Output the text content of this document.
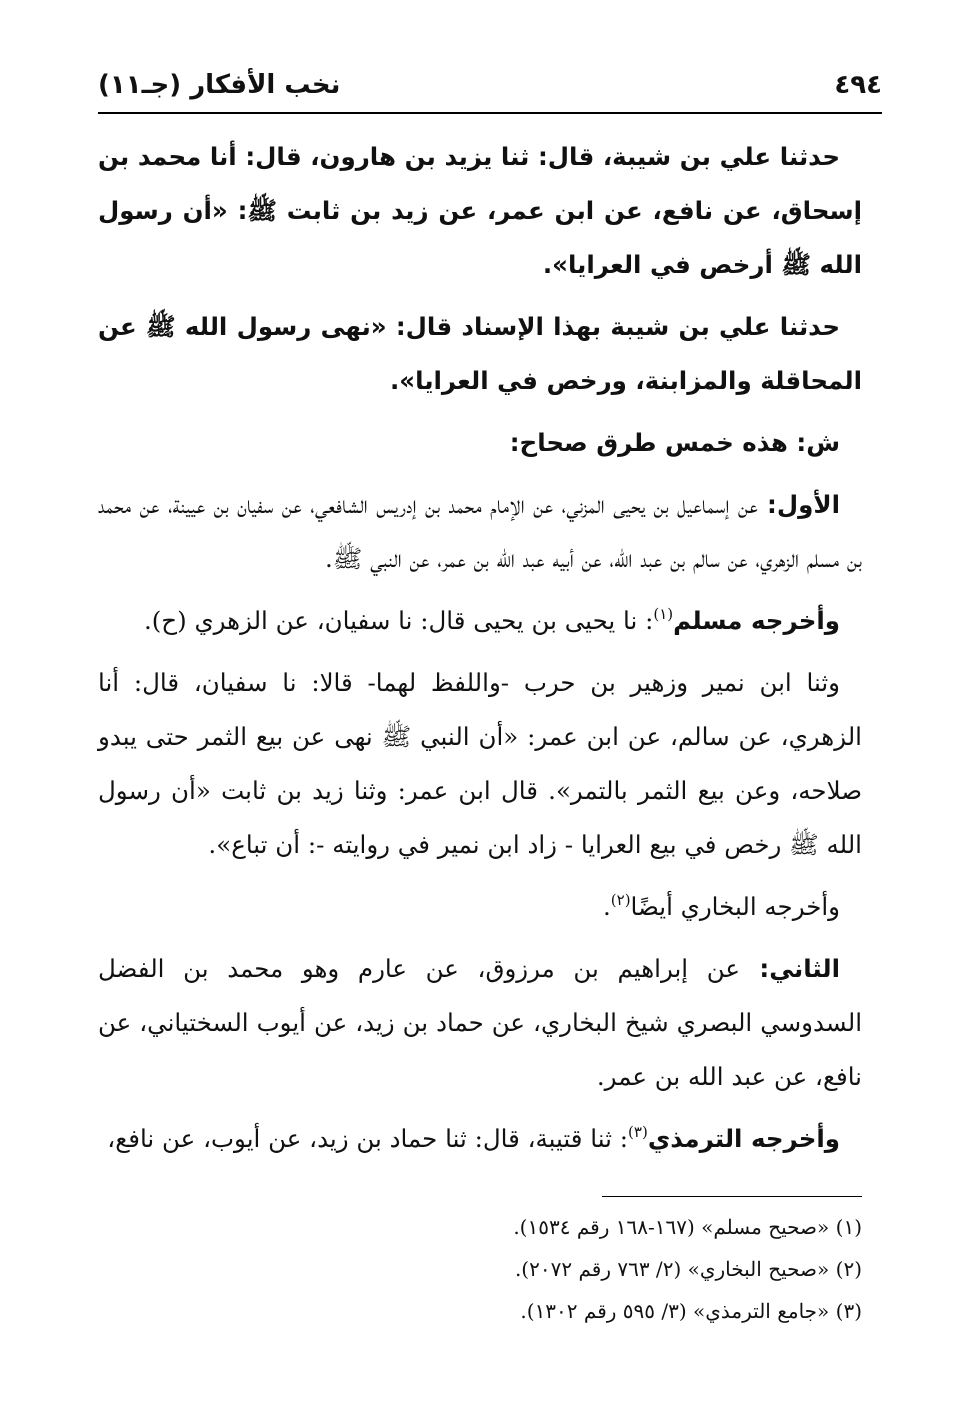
٤٩٤
نخب الأفكار (جـ١١)

حدثنا علي بن شيبة، قال: ثنا يزيد بن هارون، قال: أنا محمد بن إسحاق، عن نافع، عن ابن عمر، عن زيد بن ثابت ﷺ: «أن رسول الله ﷺ أرخص في العرايا».

حدثنا علي بن شيبة بهذا الإسناد قال: «نهى رسول الله ﷺ عن المحاقلة والمزابنة، ورخص في العرايا».

ش: هذه خمس طرق صحاح:

الأول: عن إسماعيل بن يحيى المزني، عن الإمام محمد بن إدريس الشافعي، عن سفيان بن عيينة، عن محمد بن مسلم الزهري، عن سالم بن عبد الله، عن أبيه عبد الله بن عمر، عن النبي ﷺ.

وأخرجه مسلم$^{(١)}$: نا يحيى بن يحيى قال: نا سفيان، عن الزهري (ح).

وثنا ابن نمير وزهير بن حرب -واللفظ لهما- قالا: نا سفيان، قال: أنا الزهري، عن سالم، عن ابن عمر: «أن النبي ﷺ نهى عن بيع الثمر حتى يبدو صلاحه، وعن بيع الثمر بالتمر». قال ابن عمر: وثنا زيد بن ثابت «أن رسول الله ﷺ رخص في بيع العرايا - زاد ابن نمير في روايته -: أن تباع».

وأخرجه البخاري أيضًا$^{(٢)}$.

الثاني: عن إبراهيم بن مرزوق، عن عارم وهو محمد بن الفضل السدوسي البصري شيخ البخاري، عن حماد بن زيد، عن أيوب السختياني، عن نافع، عن عبد الله بن عمر.

وأخرجه الترمذي$^{(٣)}$: ثنا قتيبة، قال: ثنا حماد بن زيد، عن أيوب، عن نافع،

(١) «صحيح مسلم» (١٦٧-١٦٨ رقم ١٥٣٤).
(٢) «صحيح البخاري» (٢/ ٧٦٣ رقم ٢٠٧٢).
(٣) «جامع الترمذي» (٣/ ٥٩٥ رقم ١٣٠٢).
